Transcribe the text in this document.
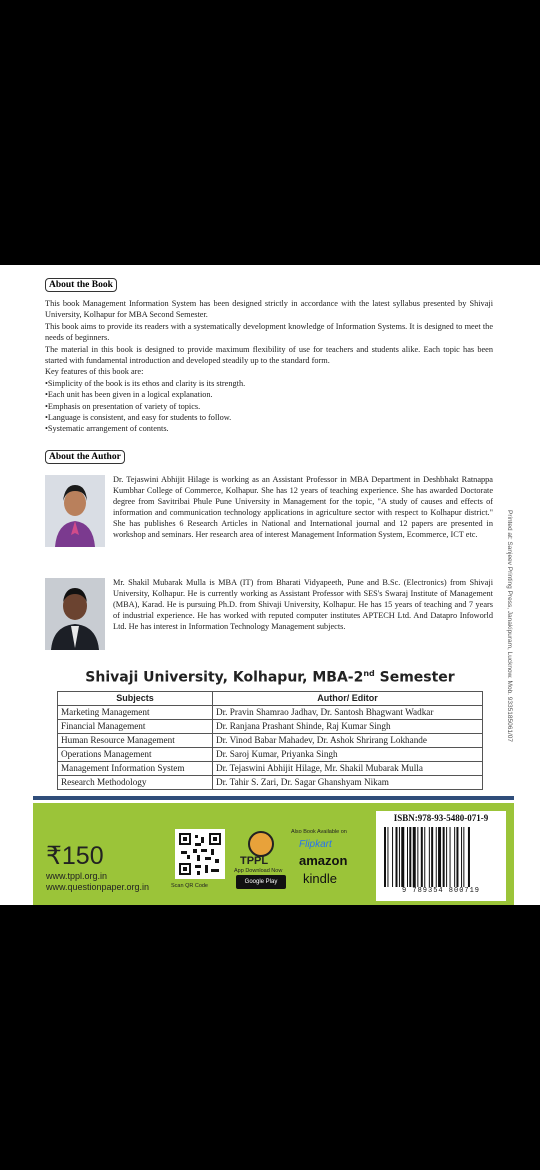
About the Book

This book Management Information System has been designed strictly in accordance with the latest syllabus presented by Shivaji University, Kolhapur for MBA Second Semester.

This book aims to provide its readers with a systematically development knowledge of Information Systems. It is designed to meet the needs of beginners.

The material in this book is designed to provide maximum flexibility of use for teachers and students alike. Each topic has been started with fundamental introduction and developed steadily up to the standard form.

Key features of this book are:

• Simplicity of the book is its ethos and clarity is its strength.
• Each unit has been given in a logical explanation.
• Emphasis on presentation of variety of topics.
• Language is consistent, and easy for students to follow.
• Systematic arrangement of contents.
About the Author
Dr. Tejaswini Abhijit Hilage is working as an Assistant Professor in MBA Department in Deshbhakt Ratnappa Kumbhar College of Commerce, Kolhapur. She has 12 years of teaching experience. She has awarded Doctorate degree from Savitribai Phule Pune University in Management for the topic, "A study of causes and effects of information and communication technology applications in agriculture sector with respect to Kolhapur district." She has publishes 6 Research Articles in National and International journal and 12 papers are presented in workshop and seminars. Her research area of interest Management Information System, Ecommerce, ICT etc.
Mr. Shakil Mubarak Mulla is MBA (IT) from Bharati Vidyapeeth, Pune and B.Sc. (Electronics) from Shivaji University, Kolhapur. He is currently working as Assistant Professor with SES's Swaraj Institute of Management (MBA), Karad. He is pursuing Ph.D. from Shivaji University, Kolhapur. He has 15 years of teaching and 7 years of industrial experience. He has worked with reputed computer institutes APTECH Ltd. And Datapro Infoworld Ltd. He has interest in Information Technology Management subjects.	Printed at: Sanjeev Printing Press, Janakipuram, Lucknow. Mob. 9335185061/07
Shivaji University, Kolhapur, MBA-2nd Semester
Subjects	Author/ Editor
Marketing Management	Dr. Pravin Shamrao Jadhav, Dr. Santosh Bhagwant Wadkar
Financial Management	Dr. Ranjana Prashant Shinde, Raj Kumar Singh
Human Resource Management	Dr. Vinod Babar Mahadev, Dr. Ashok Shrirang Lokhande
Operations Management	Dr. Saroj Kumar, Priyanka Singh
Management Information System	Dr. Tejaswini Abhijit Hilage, Mr. Shakil Mubarak Mulla
Research Methodology	Dr. Tahir S. Zari, Dr. Sagar Ghanshyam Nikam
₹150
www.tppl.org.in
www.questionpaper.org.in	Scan QR Code
TPPL
App Download Now
Google Play
Also Book Available on
Flipkart
amazon
kindle
ISBN:978-93-5480-071-9
9 789354 800719
